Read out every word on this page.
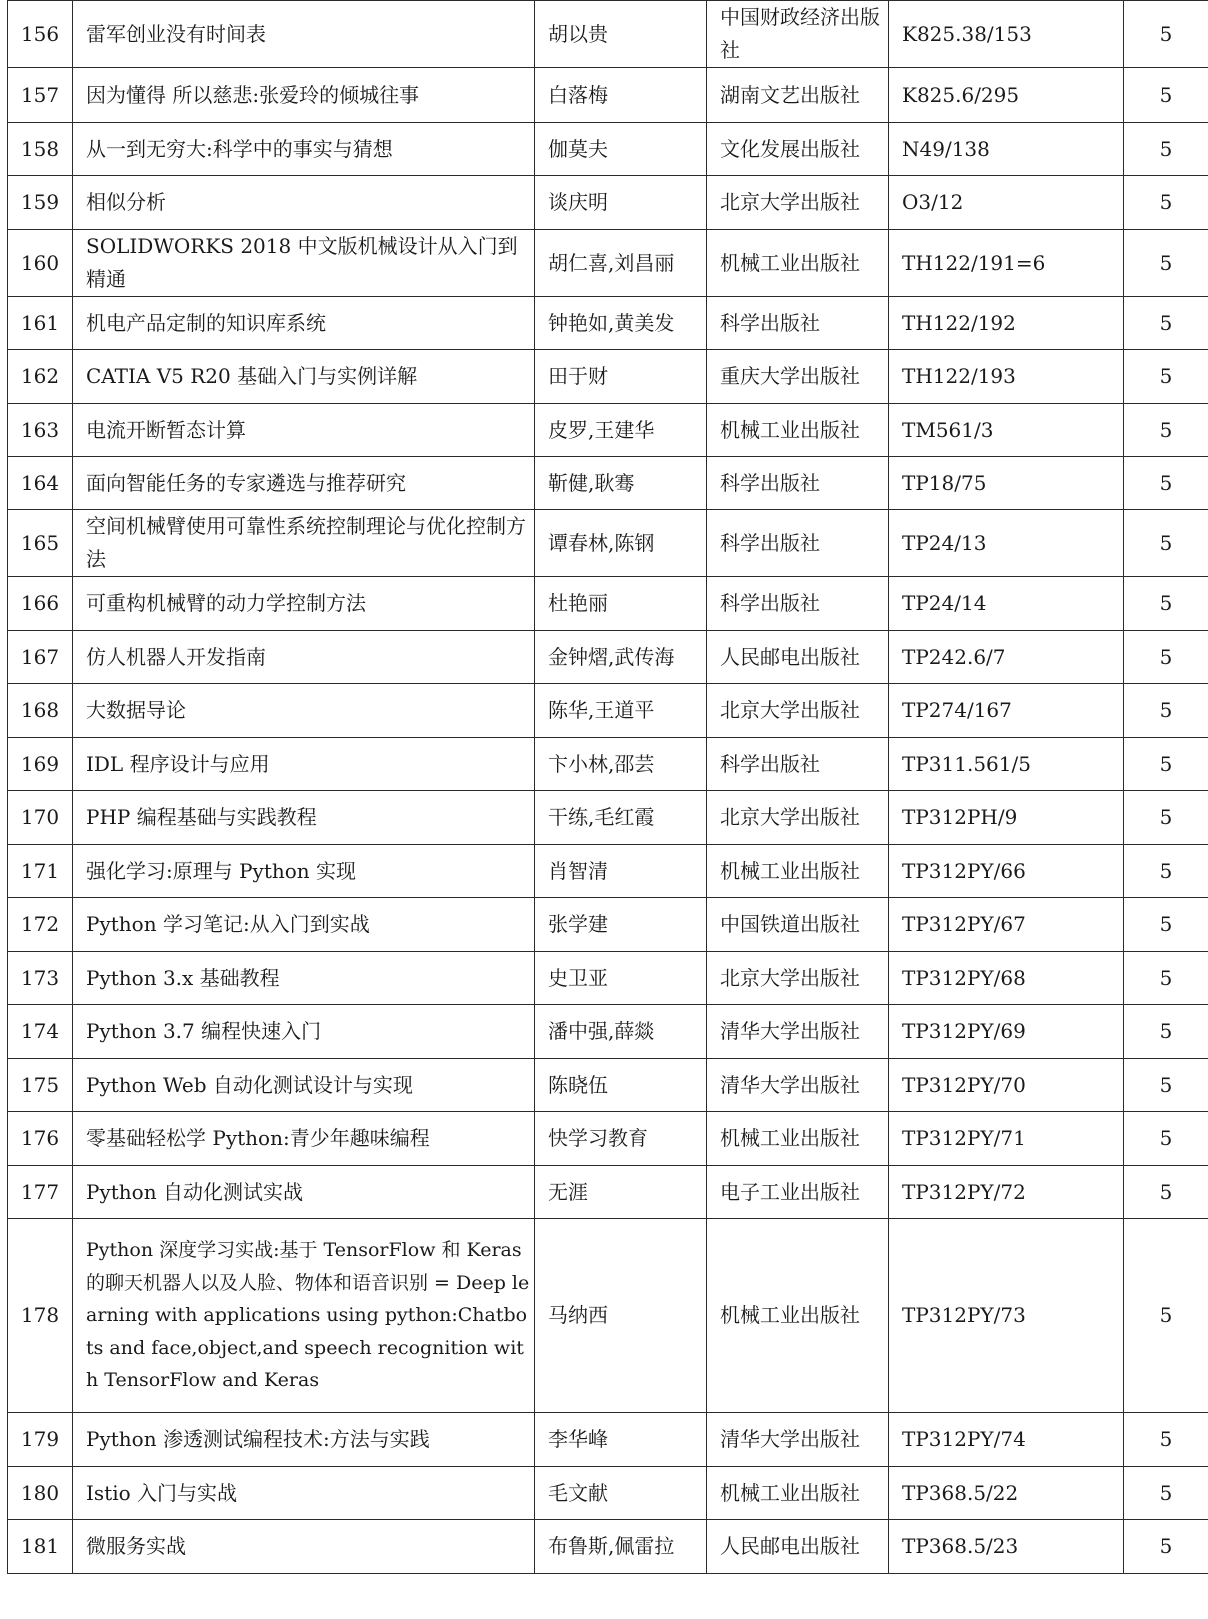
156	雷军创业没有时间表	胡以贵	中国财政经济出版社	K825.38/153	5
157	因为懂得 所以慈悲:张爱玲的倾城往事	白落梅	湖南文艺出版社	K825.6/295	5
158	从一到无穷大:科学中的事实与猜想	伽莫夫	文化发展出版社	N49/138	5
159	相似分析	谈庆明	北京大学出版社	O3/12	5
160	SOLIDWORKS 2018 中文版机械设计从入门到精通	胡仁喜,刘昌丽	机械工业出版社	TH122/191=6	5
161	机电产品定制的知识库系统	钟艳如,黄美发	科学出版社	TH122/192	5
162	CATIA V5 R20 基础入门与实例详解	田于财	重庆大学出版社	TH122/193	5
163	电流开断暂态计算	皮罗,王建华	机械工业出版社	TM561/3	5
164	面向智能任务的专家遴选与推荐研究	靳健,耿骞	科学出版社	TP18/75	5
165	空间机械臂使用可靠性系统控制理论与优化控制方法	谭春林,陈钢	科学出版社	TP24/13	5
166	可重构机械臂的动力学控制方法	杜艳丽	科学出版社	TP24/14	5
167	仿人机器人开发指南	金钟熠,武传海	人民邮电出版社	TP242.6/7	5
168	大数据导论	陈华,王道平	北京大学出版社	TP274/167	5
169	IDL 程序设计与应用	卞小林,邵芸	科学出版社	TP311.561/5	5
170	PHP 编程基础与实践教程	干练,毛红霞	北京大学出版社	TP312PH/9	5
171	强化学习:原理与 Python 实现	肖智清	机械工业出版社	TP312PY/66	5
172	Python 学习笔记:从入门到实战	张学建	中国铁道出版社	TP312PY/67	5
173	Python 3.x 基础教程	史卫亚	北京大学出版社	TP312PY/68	5
174	Python 3.7 编程快速入门	潘中强,薛燚	清华大学出版社	TP312PY/69	5
175	Python Web 自动化测试设计与实现	陈晓伍	清华大学出版社	TP312PY/70	5
176	零基础轻松学 Python:青少年趣味编程	快学习教育	机械工业出版社	TP312PY/71	5
177	Python 自动化测试实战	无涯	电子工业出版社	TP312PY/72	5
178	Python 深度学习实战:基于 TensorFlow 和 Keras 的聊天机器人以及人脸、物体和语音识别 = Deep learning with applications using python:Chatbots and face,object,and speech recognition with TensorFlow and Keras	马纳西	机械工业出版社	TP312PY/73	5
179	Python 渗透测试编程技术:方法与实践	李华峰	清华大学出版社	TP312PY/74	5
180	Istio 入门与实战	毛文献	机械工业出版社	TP368.5/22	5
181	微服务实战	布鲁斯,佩雷拉	人民邮电出版社	TP368.5/23	5
